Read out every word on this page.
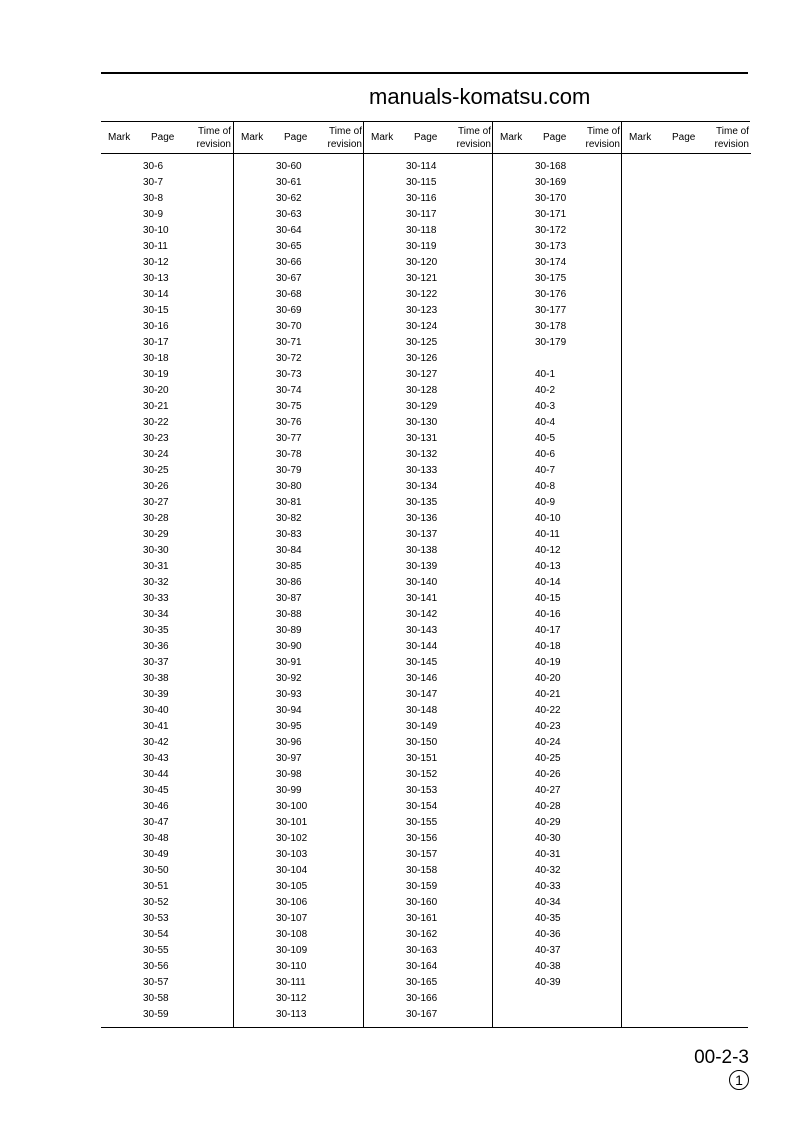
Mark Page
Time of
revision
30-6
30-7
30-8
30-9
30-10
30-11
30-12
30-13
30-14
30-15
30-16
30-17
30-18
30-19
30-20
30-21
30-22
30-23
30-24
30-25
30-26
30-27
30-28
30-29
30-30
30-31
30-32
30-33
30-34
30-35
30-36
30-37
30-38
30-39
30-40
30-41
30-42
30-43
30-44
30-45
30-46
30-47
30-48
30-49
30-50
30-51
30-52
30-53
30-54
30-55
30-56
30-57
30-58
30-59
Mark Page
Time of
revision
30-60
30-61
30-62
30-63
30-64
30-65
30-66
30-67
30-68
30-69
30-70
30-71
30-72
30-73
30-74
30-75
30-76
30-77
30-78
30-79
30-80
30-81
30-82
30-83
30-84
30-85
30-86
30-87
30-88
30-89
30-90
30-91
30-92
30-93
30-94
30-95
30-96
30-97
30-98
30-99
30-100
30-101
30-102
30-103
30-104
30-105
30-106
30-107
30-108
30-109
30-110
30-111
30-112
30-113
Mark Page
Time of
revision
30-114
30-115
30-116
30-117
30-118
30-119
30-120
30-121
30-122
30-123
30-124
30-125
30-126
30-127
30-128
30-129
30-130
30-131
30-132
30-133
30-134
30-135
30-136
30-137
30-138
30-139
30-140
30-141
30-142
30-143
30-144
30-145
30-146
30-147
30-148
30-149
30-150
30-151
30-152
30-153
30-154
30-155
30-156
30-157
30-158
30-159
30-160
30-161
30-162
30-163
30-164
30-165
30-166
30-167
Mark Page
Time of
revision
30-168
30-169
30-170
30-171
30-172
30-173
30-174
30-175
30-176
30-177
30-178
30-179
40-1
40-2
40-3
40-4
40-5
40-6
40-7
40-8
40-9
40-10
40-11
40-12
40-13
40-14
40-15
40-16
40-17
40-18
40-19
40-20
40-21
40-22
40-23
40-24
40-25
40-26
40-27
40-28
40-29
40-30
40-31
40-32
40-33
40-34
40-35
40-36
40-37
40-38
40-39
Mark Page
Time of
revision
manuals-komatsu.com
00-2-3
1
